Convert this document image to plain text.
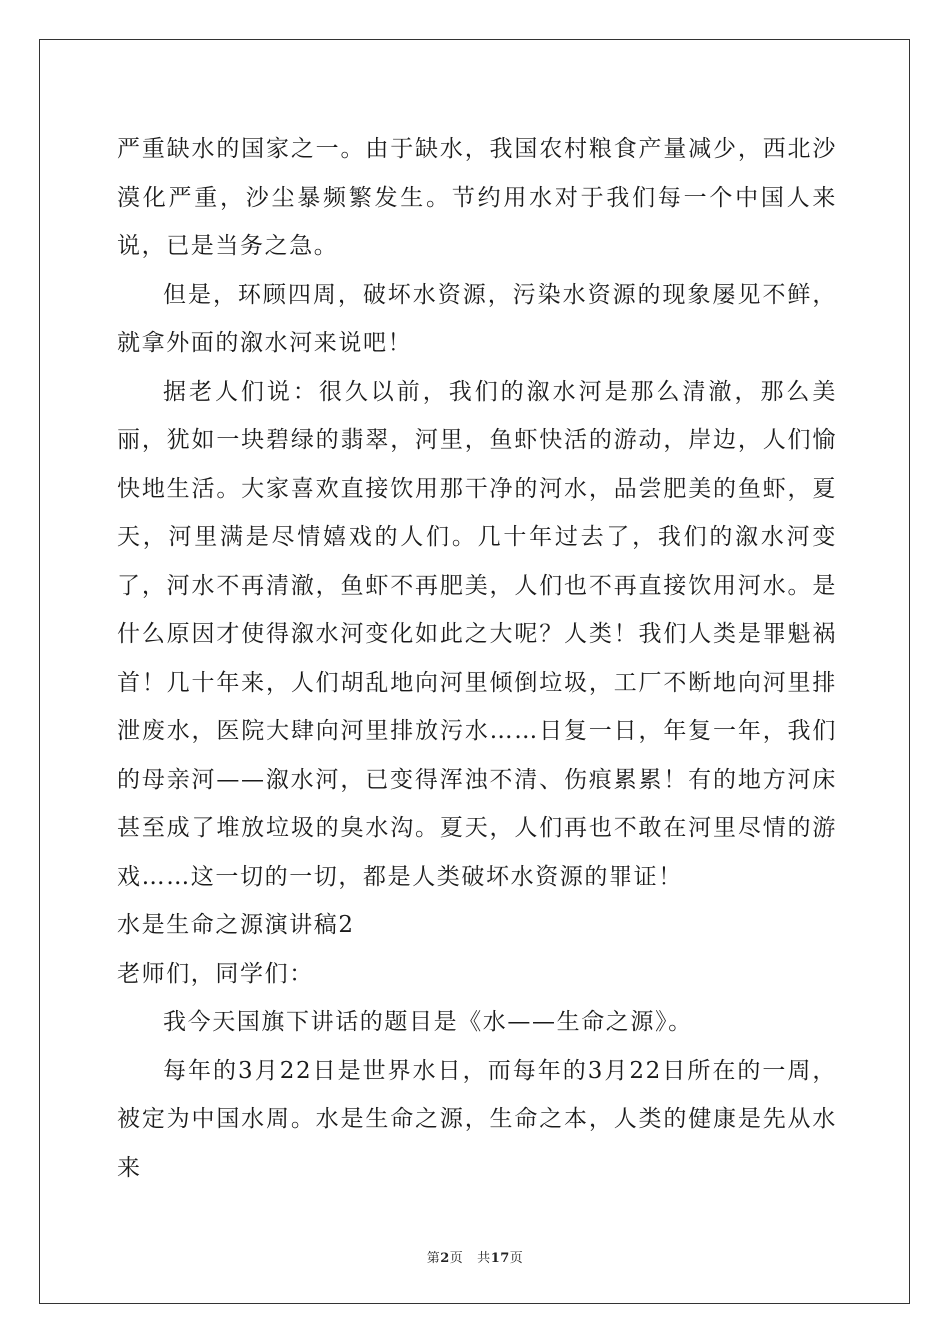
严重缺水的国家之一。由于缺水，我国农村粮食产量减少，西北沙漠化严重，沙尘暴频繁发生。节约用水对于我们每一个中国人来说，已是当务之急。

但是，环顾四周，破坏水资源，污染水资源的现象屡见不鲜，就拿外面的溆水河来说吧！

据老人们说：很久以前，我们的溆水河是那么清澈，那么美丽，犹如一块碧绿的翡翠，河里，鱼虾快活的游动，岸边，人们愉快地生活。大家喜欢直接饮用那干净的河水，品尝肥美的鱼虾，夏天，河里满是尽情嬉戏的人们。几十年过去了，我们的溆水河变了，河水不再清澈，鱼虾不再肥美，人们也不再直接饮用河水。是什么原因才使得溆水河变化如此之大呢？人类！我们人类是罪魁祸首！几十年来，人们胡乱地向河里倾倒垃圾，工厂不断地向河里排泄废水，医院大肆向河里排放污水……日复一日，年复一年，我们的母亲河——溆水河，已变得浑浊不清、伤痕累累！有的地方河床甚至成了堆放垃圾的臭水沟。夏天，人们再也不敢在河里尽情的游戏……这一切的一切，都是人类破坏水资源的罪证！

水是生命之源演讲稿2

老师们，同学们：

我今天国旗下讲话的题目是《水——生命之源》。

每年的3月22日是世界水日，而每年的3月22日所在的一周，被定为中国水周。水是生命之源，生命之本，人类的健康是先从水来

第2页 共17页
